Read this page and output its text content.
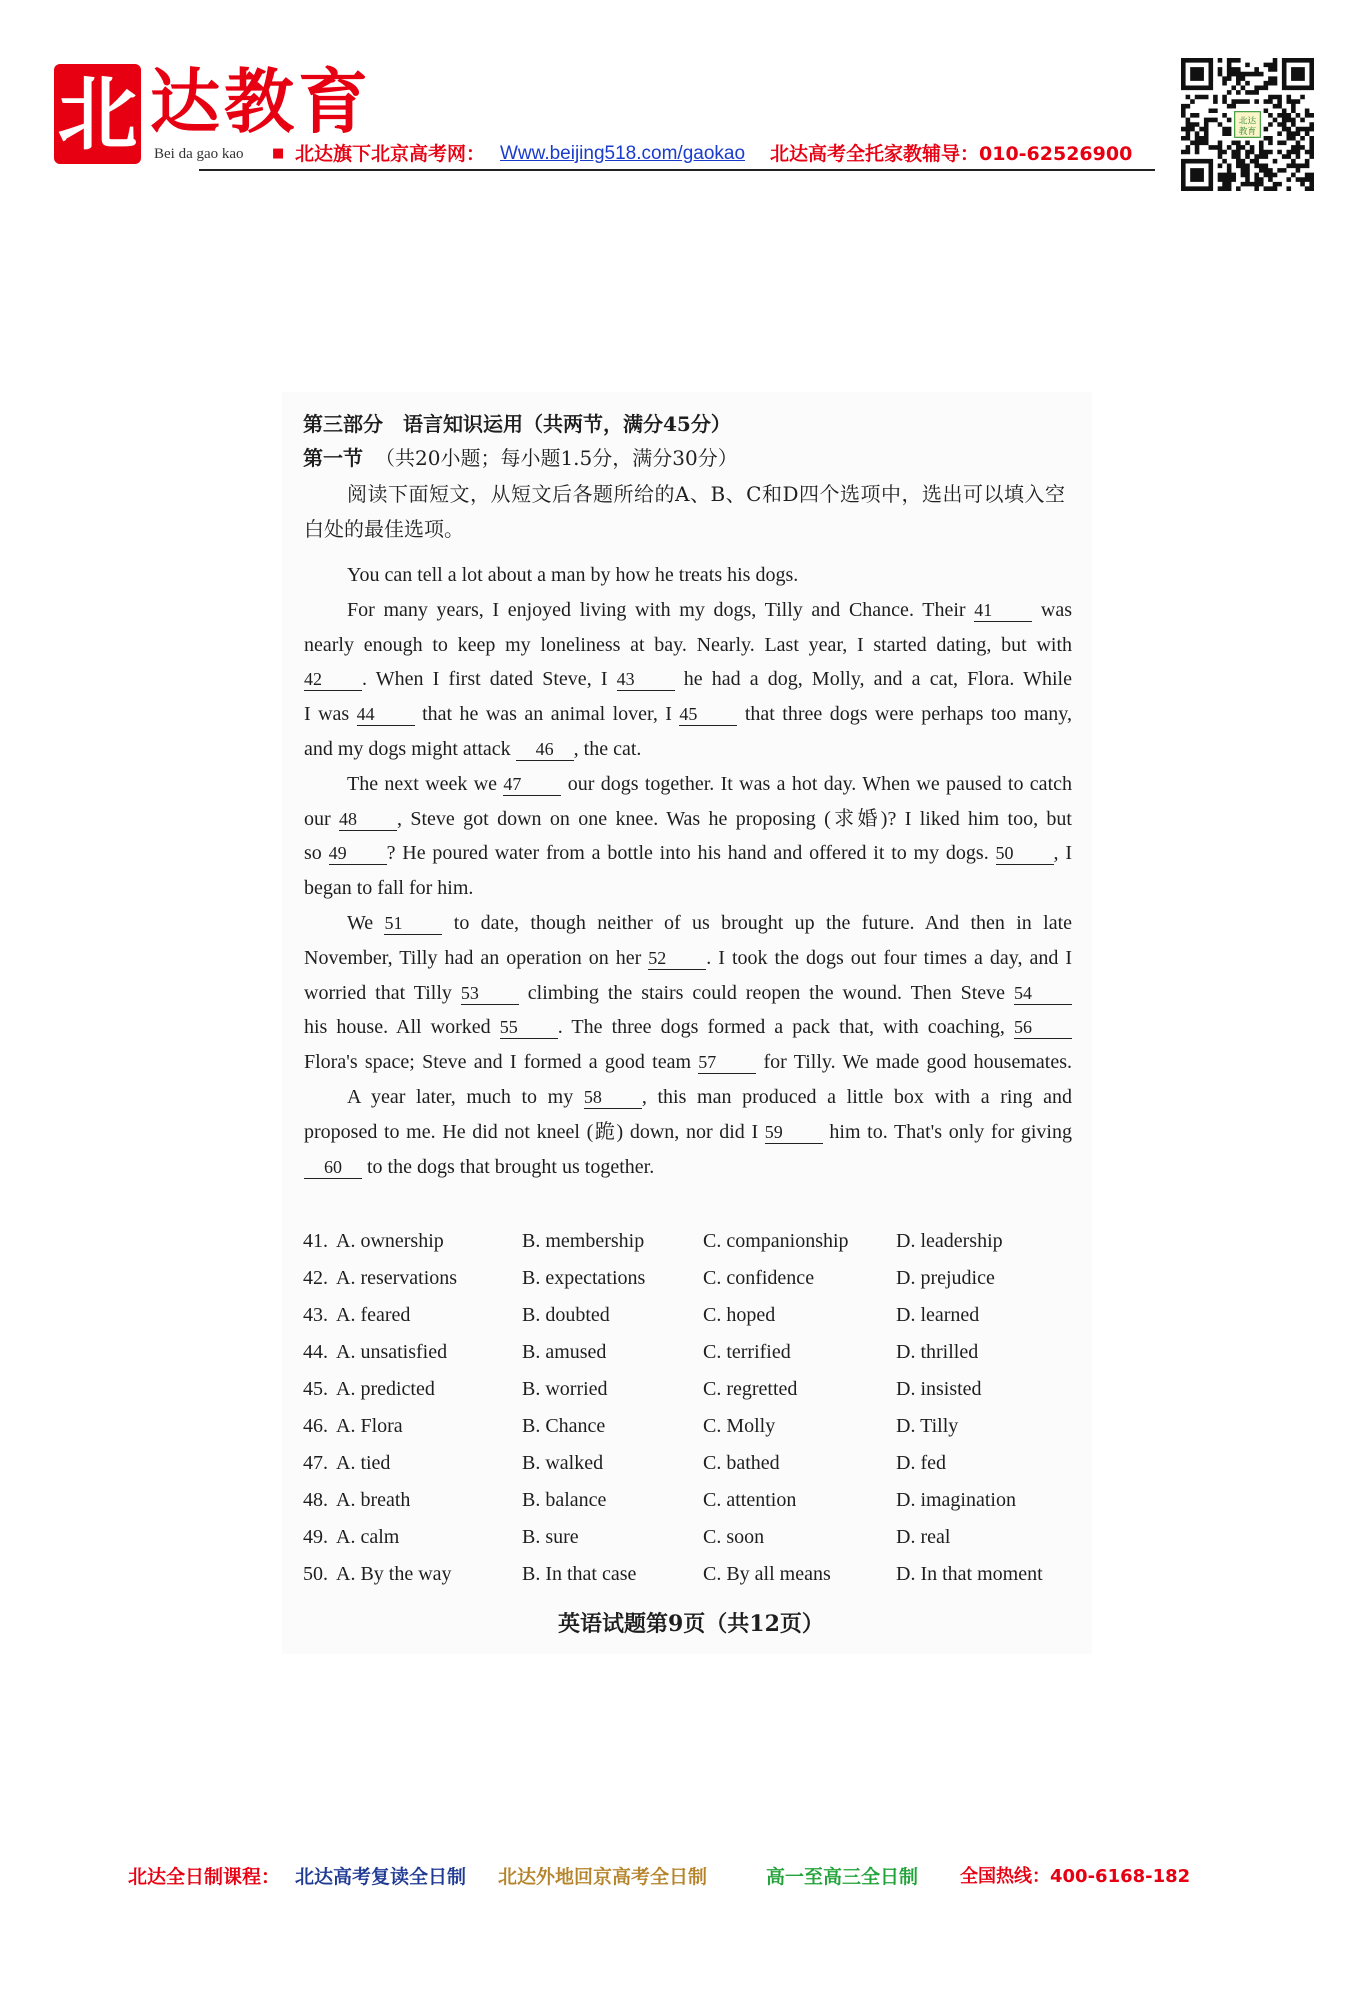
北 达教育
Bei da gao kao ■ 北达旗下北京高考网： Www.beijing518.com/gaokao 北达高考全托家教辅导：010-62526900
北达
教育
第三部分 语言知识运用（共两节，满分45分）
第一节 （共20小题；每小题1.5分，满分30分）
阅读下面短文，从短文后各题所给的A、B、C和D四个选项中，选出可以填入空
白处的最佳选项。
You can tell a lot about a man by how he treats his dogs.
For many years, I enjoyed living with my dogs, Tilly and Chance. Their 41 was
nearly enough to keep my loneliness at bay. Nearly. Last year, I started dating, but with
42 . When I first dated Steve, I 43 he had a dog, Molly, and a cat, Flora. While
I was 44 that he was an animal lover, I 45 that three dogs were perhaps too many,
and my dogs might attack 46 , the cat.
The next week we 47 our dogs together. It was a hot day. When we paused to catch
our 48 , Steve got down on one knee. Was he proposing (求婚)? I liked him too, but
so 49 ? He poured water from a bottle into his hand and offered it to my dogs. 50 , I
began to fall for him.
We 51 to date, though neither of us brought up the future. And then in late
November, Tilly had an operation on her 52 . I took the dogs out four times a day, and I
worried that Tilly 53 climbing the stairs could reopen the wound. Then Steve 54
his house. All worked 55 . The three dogs formed a pack that, with coaching, 56
Flora's space; Steve and I formed a good team 57 for Tilly. We made good housemates.
A year later, much to my 58 , this man produced a little box with a ring and
proposed to me. He did not kneel (跪) down, nor did I 59 him to. That's only for giving
60 to the dogs that brought us together.
41. A. ownership	B. membership	C. companionship D. leadership
42. A. reservations	B. expectations	C. confidence	D. prejudice
43. A. feared	B. doubted	C. hoped	D. learned
44. A. unsatisfied	B. amused	C. terrified	D. thrilled
45. A. predicted	B. worried	C. regretted	D. insisted
46. A. Flora	B. Chance	C. Molly	D. Tilly
47. A. tied	B. walked	C. bathed	D. fed
48. A. breath	B. balance	C. attention	D. imagination
49. A. calm	B. sure	C. soon	D. real
50. A. By the way	B. In that case	C. By all means	D. In that moment
英语试题第9页（共12页）
北达全日制课程： 北达高考复读全日制 北达外地回京高考全日制	高一至高三全日制 全国热线：400-6168-182
